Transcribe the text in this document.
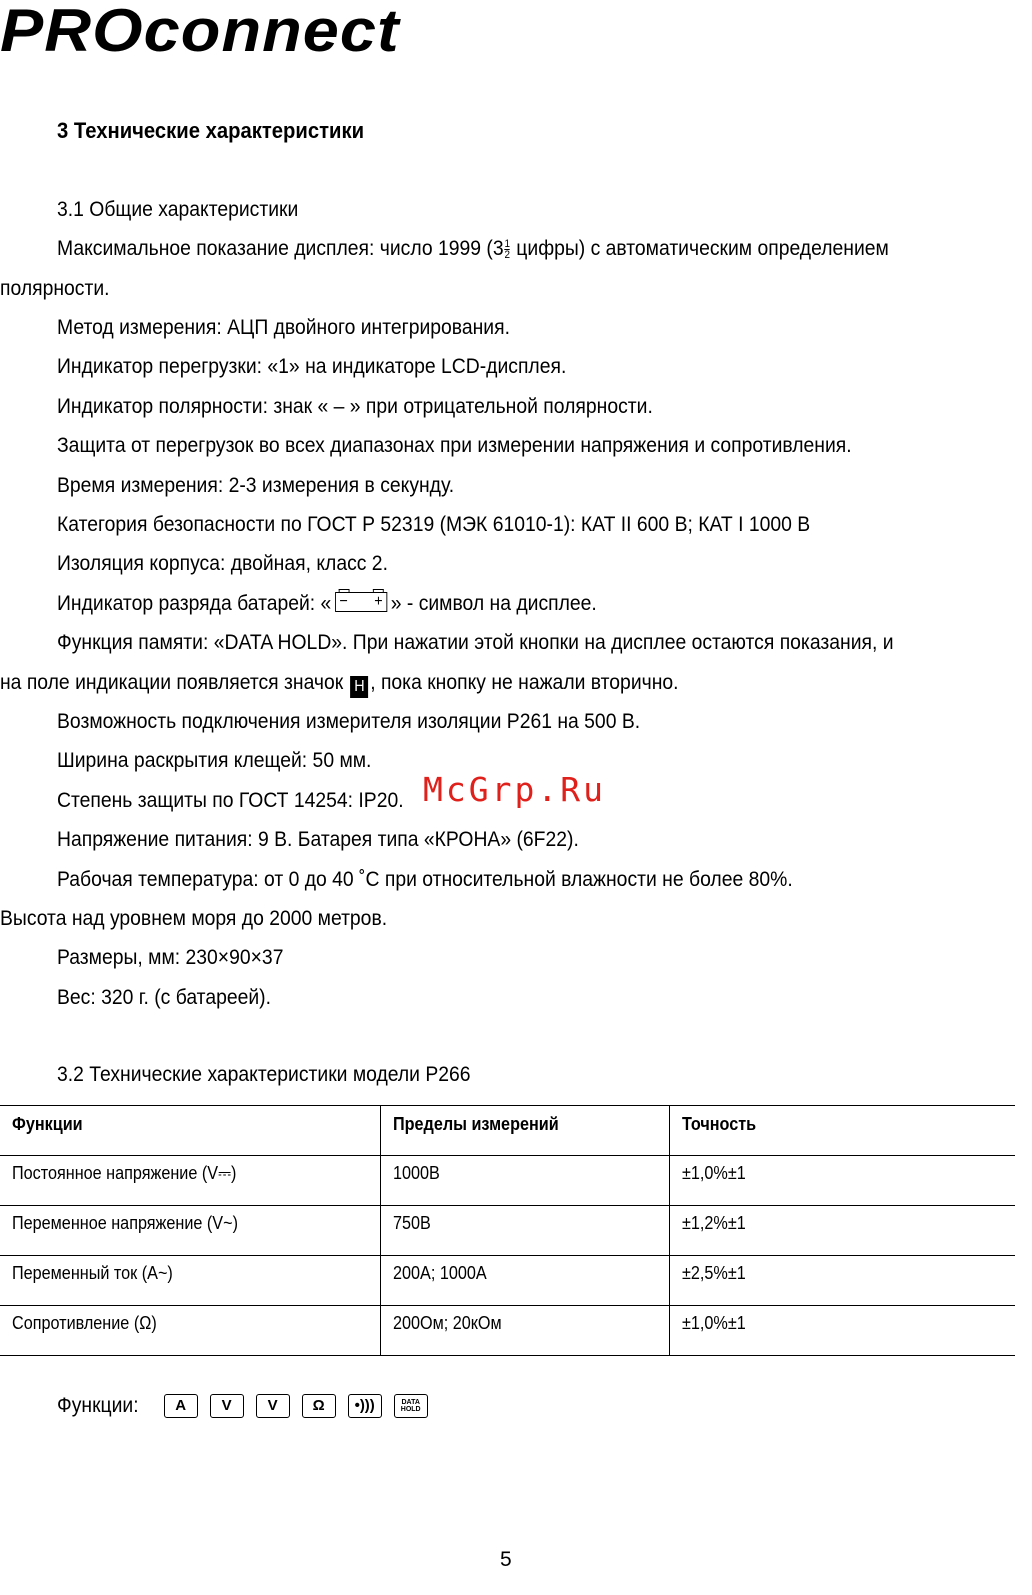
PROconnect
3 Технические характеристики
3.1 Общие характеристики
Максимальное показание дисплея: число 1999 ($3 \frac{1}{2}$ цифры) с автоматическим определением
полярности.
Метод измерения: АЦП двойного интегрирования.
Индикатор перегрузки: «1» на индикаторе LCD-дисплея.
Индикатор полярности: знак « – » при отрицательной полярности.
Защита от перегрузок во всех диапазонах при измерении напряжения и сопротивления.
Время измерения: 2-3 измерения в секунду.
Категория безопасности по ГОСТ Р 52319 (МЭК 61010-1): КАТ II 600 В; КАТ I 1000 В
Изоляция корпуса: двойная, класс 2.
Индикатор разряда батарей: « − + » - символ на дисплее.
Функция памяти: «DATA HOLD». При нажатии этой кнопки на дисплее остаются показания, и
на поле индикации появляется значок H , пока кнопку не нажали вторично.
Возможность подключения измерителя изоляции Р261 на 500 В.
Ширина раскрытия клещей: 50 мм.
Степень защиты по ГОСТ 14254: IP20.
Напряжение питания: 9 В. Батарея типа «КРОНА» (6F22).
Рабочая температура: от 0 до 40 ˚С при относительной влажности не более 80%.
Высота над уровнем моря до 2000 метров.
Размеры, мм: 230×90×37
Вес: 320 г. (с батареей).
McGrp.Ru
3.2 Технические характеристики модели Р266
Функции	Пределы измерений	Точность
Постоянное напряжение (V⎓)	1000В	±1,0%±1
Переменное напряжение (V~)	750В	±1,2%±1
Переменный ток (A~)	200А; 1000А	±2,5%±1
Сопротивление (Ω)	200Ом; 20кОм	±1,0%±1
Функции:	A	V	V	Ω	•)))	DATA
HOLD
5
